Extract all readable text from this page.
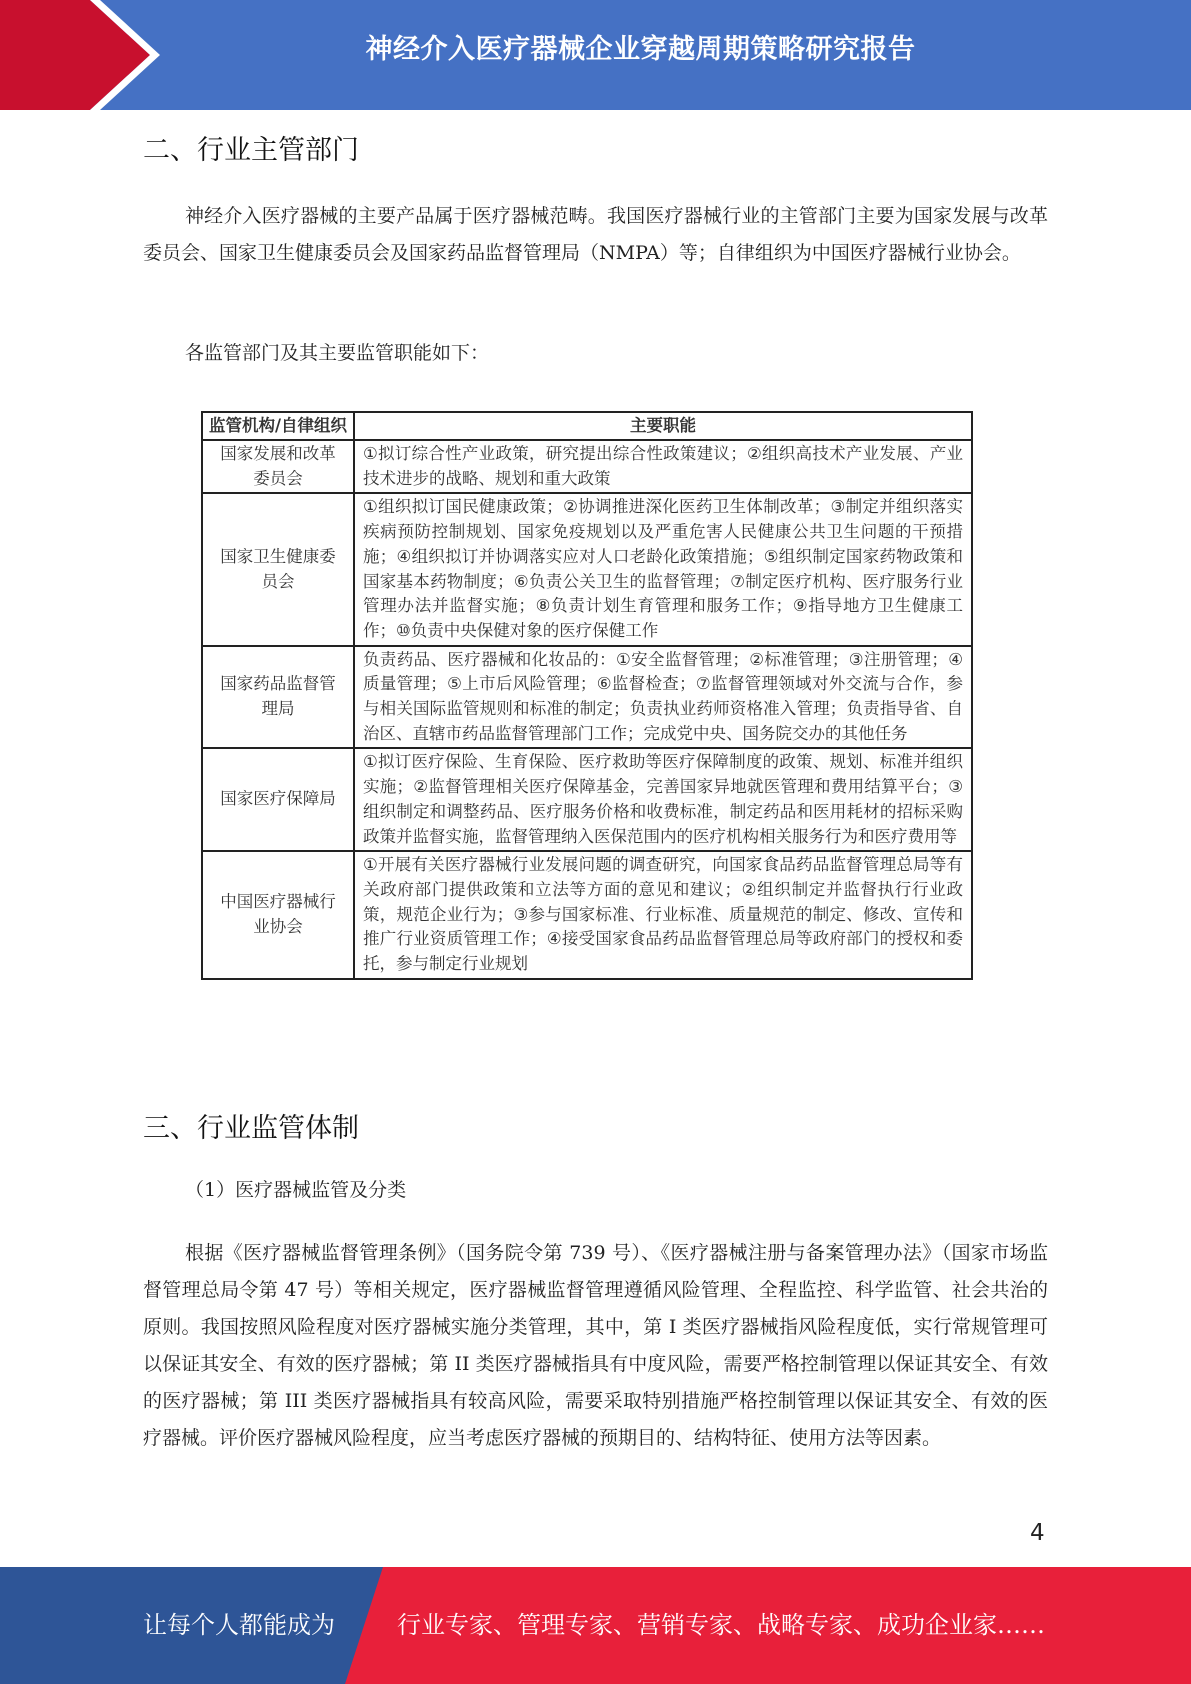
神经介入医疗器械企业穿越周期策略研究报告
二、行业主管部门
神经介入医疗器械的主要产品属于医疗器械范畴。我国医疗器械行业的主管部门主要为国家发展与改革委员会、国家卫生健康委员会及国家药品监督管理局（NMPA）等；自律组织为中国医疗器械行业协会。
各监管部门及其主要监管职能如下：
监管机构/自律组织	主要职能
国家发展和改革委员会	①拟订综合性产业政策，研究提出综合性政策建议；②组织高技术产业发展、产业技术进步的战略、规划和重大政策
国家卫生健康委员会	①组织拟订国民健康政策；②协调推进深化医药卫生体制改革；③制定并组织落实疾病预防控制规划、国家免疫规划以及严重危害人民健康公共卫生问题的干预措施；④组织拟订并协调落实应对人口老龄化政策措施；⑤组织制定国家药物政策和国家基本药物制度；⑥负责公关卫生的监督管理；⑦制定医疗机构、医疗服务行业管理办法并监督实施；⑧负责计划生育管理和服务工作；⑨指导地方卫生健康工作；⑩负责中央保健对象的医疗保健工作
国家药品监督管理局	负责药品、医疗器械和化妆品的：①安全监督管理；②标准管理；③注册管理；④质量管理；⑤上市后风险管理；⑥监督检查；⑦监督管理领域对外交流与合作，参与相关国际监管规则和标准的制定；负责执业药师资格准入管理；负责指导省、自治区、直辖市药品监督管理部门工作；完成党中央、国务院交办的其他任务
国家医疗保障局	①拟订医疗保险、生育保险、医疗救助等医疗保障制度的政策、规划、标准并组织实施；②监督管理相关医疗保障基金，完善国家异地就医管理和费用结算平台；③组织制定和调整药品、医疗服务价格和收费标准，制定药品和医用耗材的招标采购政策并监督实施，监督管理纳入医保范围内的医疗机构相关服务行为和医疗费用等
中国医疗器械行业协会	①开展有关医疗器械行业发展问题的调查研究，向国家食品药品监督管理总局等有关政府部门提供政策和立法等方面的意见和建议；②组织制定并监督执行行业政策，规范企业行为；③参与国家标准、行业标准、质量规范的制定、修改、宣传和推广行业资质管理工作；④接受国家食品药品监督管理总局等政府部门的授权和委托，参与制定行业规划
三、行业监管体制
（1）医疗器械监管及分类
根据《医疗器械监督管理条例》（国务院令第 739 号）、《医疗器械注册与备案管理办法》（国家市场监督管理总局令第 47 号）等相关规定，医疗器械监督管理遵循风险管理、全程监控、科学监管、社会共治的原则。我国按照风险程度对医疗器械实施分类管理，其中，第 I 类医疗器械指风险程度低，实行常规管理可以保证其安全、有效的医疗器械；第 II 类医疗器械指具有中度风险，需要严格控制管理以保证其安全、有效的医疗器械；第 III 类医疗器械指具有较高风险，需要采取特别措施严格控制管理以保证其安全、有效的医疗器械。评价医疗器械风险程度，应当考虑医疗器械的预期目的、结构特征、使用方法等因素。
4
让每个人都能成为	行业专家、管理专家、营销专家、战略专家、成功企业家……
